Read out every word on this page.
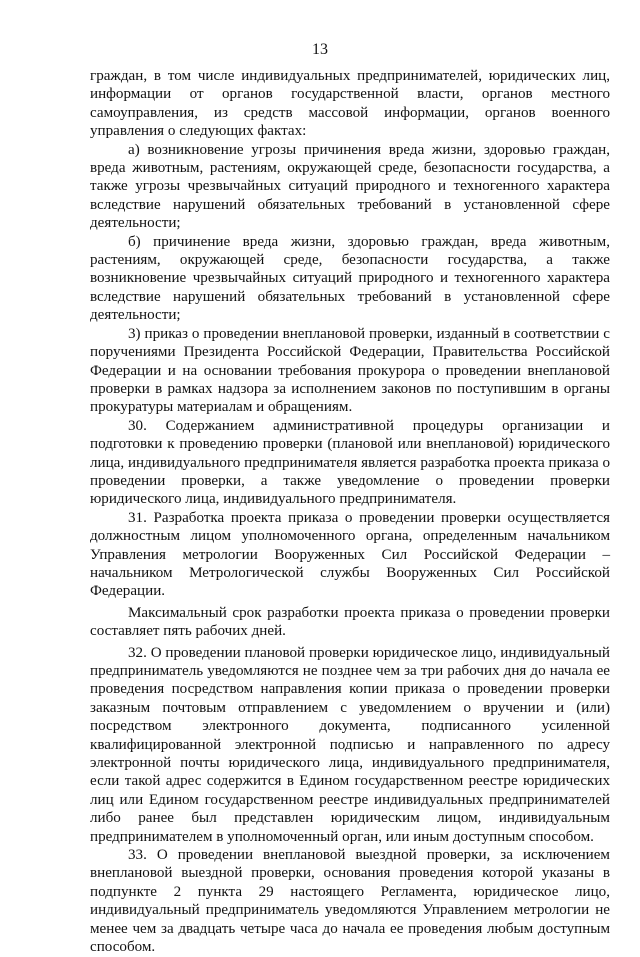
13

граждан, в том числе индивидуальных предпринимателей, юридических лиц, информации от органов государственной власти, органов местного самоуправления, из средств массовой информации, органов военного управления о следующих фактах:

а) возникновение угрозы причинения вреда жизни, здоровью граждан, вреда животным, растениям, окружающей среде, безопасности государства, а также угрозы чрезвычайных ситуаций природного и техногенного характера вследствие нарушений обязательных требований в установленной сфере деятельности;

б) причинение вреда жизни, здоровью граждан, вреда животным, растениям, окружающей среде, безопасности государства, а также возникновение чрезвычайных ситуаций природного и техногенного характера вследствие нарушений обязательных требований в установленной сфере деятельности;

3) приказ о проведении внеплановой проверки, изданный в соответствии с поручениями Президента Российской Федерации, Правительства Российской Федерации и на основании требования прокурора о проведении внеплановой проверки в рамках надзора за исполнением законов по поступившим в органы прокуратуры материалам и обращениям.

30. Содержанием административной процедуры организации и подготовки к проведению проверки (плановой или внеплановой) юридического лица, индивидуального предпринимателя является разработка проекта приказа о проведении проверки, а также уведомление о проведении проверки юридического лица, индивидуального предпринимателя.

31. Разработка проекта приказа о проведении проверки осуществляется должностным лицом уполномоченного органа, определенным начальником Управления метрологии Вооруженных Сил Российской Федерации – начальником Метрологической службы Вооруженных Сил Российской Федерации.

Максимальный срок разработки проекта приказа о проведении проверки составляет пять рабочих дней.

32. О проведении плановой проверки юридическое лицо, индивидуальный предприниматель уведомляются не позднее чем за три рабочих дня до начала ее проведения посредством направления копии приказа о проведении проверки заказным почтовым отправлением с уведомлением о вручении и (или) посредством электронного документа, подписанного усиленной квалифицированной электронной подписью и направленного по адресу электронной почты юридического лица, индивидуального предпринимателя, если такой адрес содержится в Едином государственном реестре юридических лиц или Едином государственном реестре индивидуальных предпринимателей либо ранее был представлен юридическим лицом, индивидуальным предпринимателем в уполномоченный орган, или иным доступным способом.

33. О проведении внеплановой выездной проверки, за исключением внеплановой выездной проверки, основания проведения которой указаны в подпункте 2 пункта 29 настоящего Регламента, юридическое лицо, индивидуальный предприниматель уведомляются Управлением метрологии не менее чем за двадцать четыре часа до начала ее проведения любым доступным способом.
